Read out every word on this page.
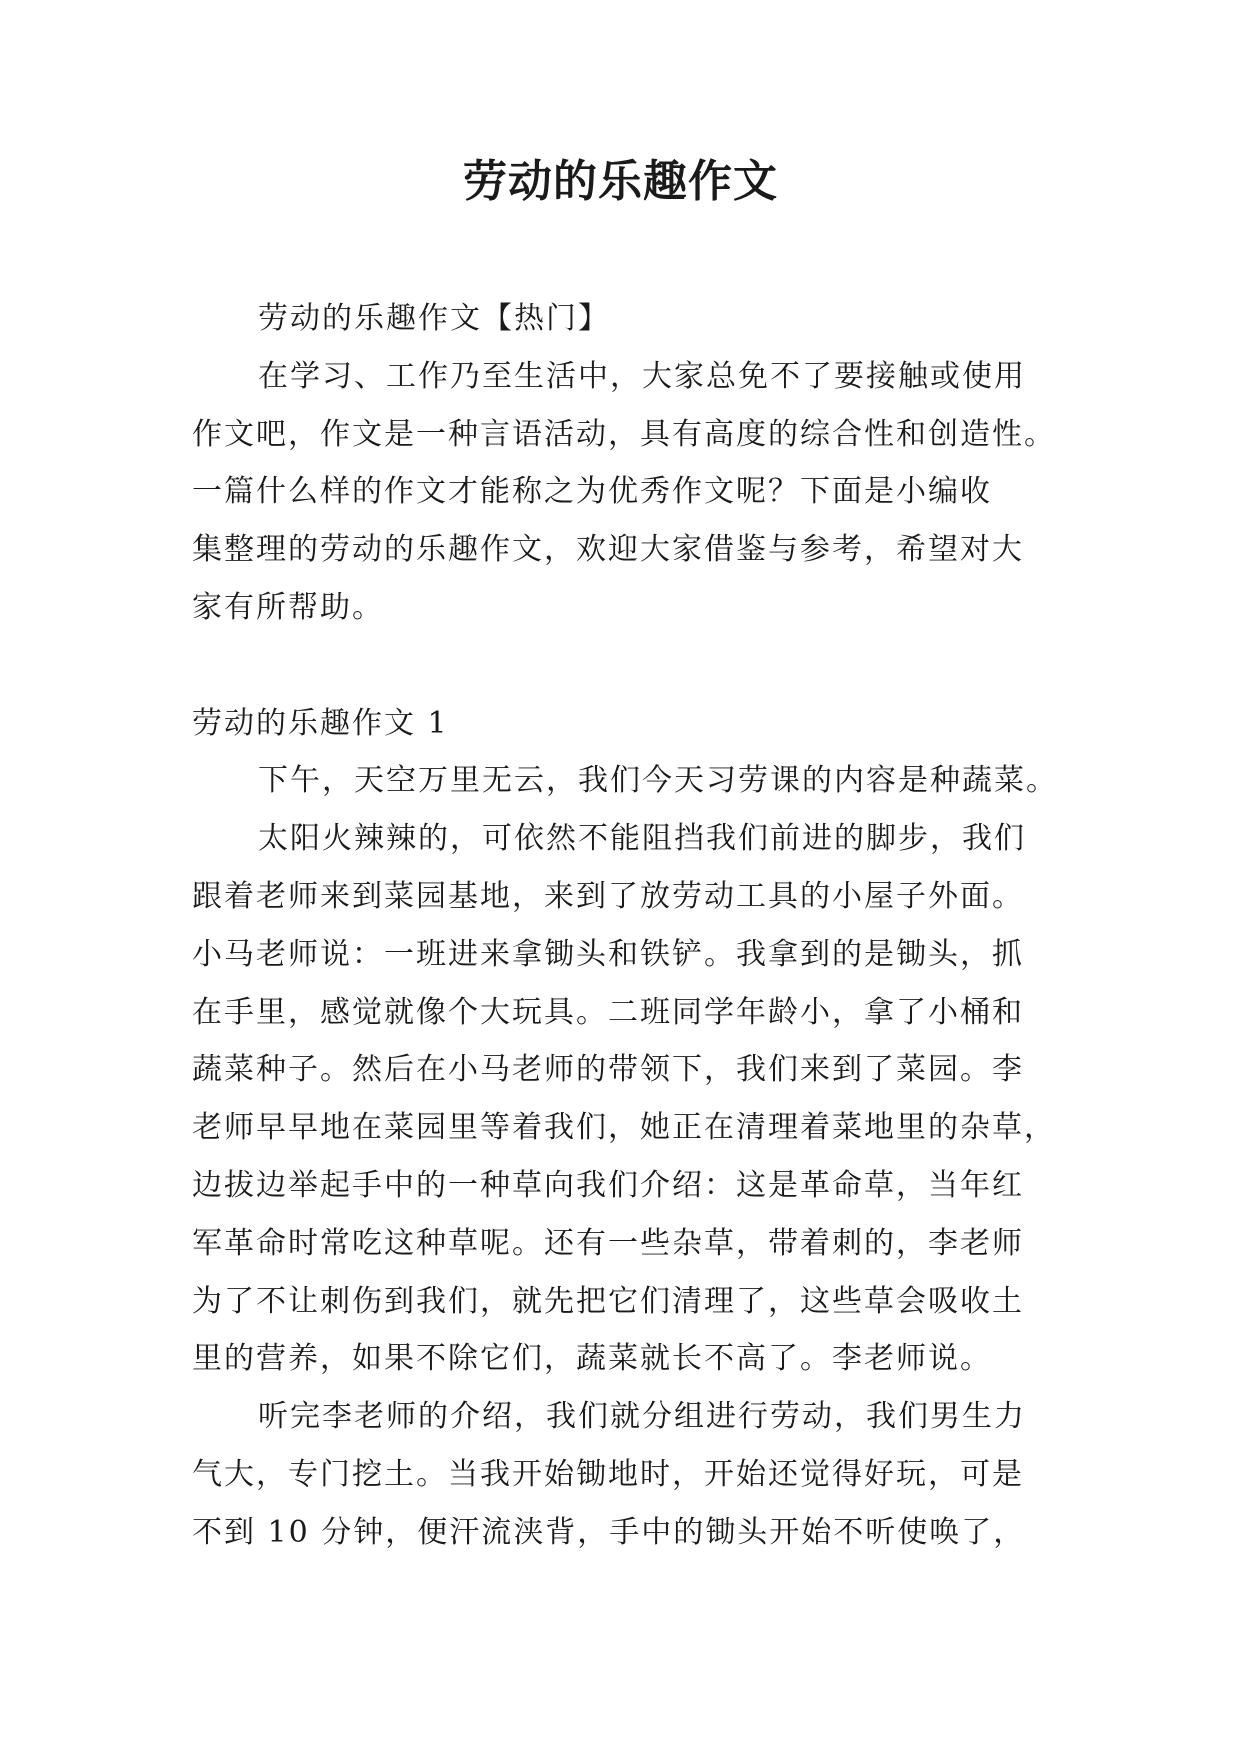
劳动的乐趣作文
劳动的乐趣作文【热门】
在学习、工作乃至生活中，大家总免不了要接触或使用
作文吧，作文是一种言语活动，具有高度的综合性和创造性。
一篇什么样的作文才能称之为优秀作文呢？下面是小编收
集整理的劳动的乐趣作文，欢迎大家借鉴与参考，希望对大
家有所帮助。
劳动的乐趣作文 1
下午，天空万里无云，我们今天习劳课的内容是种蔬菜。
太阳火辣辣的，可依然不能阻挡我们前进的脚步，我们
跟着老师来到菜园基地，来到了放劳动工具的小屋子外面。
小马老师说：一班进来拿锄头和铁铲。我拿到的是锄头，抓
在手里，感觉就像个大玩具。二班同学年龄小，拿了小桶和
蔬菜种子。然后在小马老师的带领下，我们来到了菜园。李
老师早早地在菜园里等着我们，她正在清理着菜地里的杂草，
边拔边举起手中的一种草向我们介绍：这是革命草，当年红
军革命时常吃这种草呢。还有一些杂草，带着刺的，李老师
为了不让刺伤到我们，就先把它们清理了，这些草会吸收土
里的营养，如果不除它们，蔬菜就长不高了。李老师说。
听完李老师的介绍，我们就分组进行劳动，我们男生力
气大，专门挖土。当我开始锄地时，开始还觉得好玩，可是
不到 10 分钟，便汗流浃背，手中的锄头开始不听使唤了，
